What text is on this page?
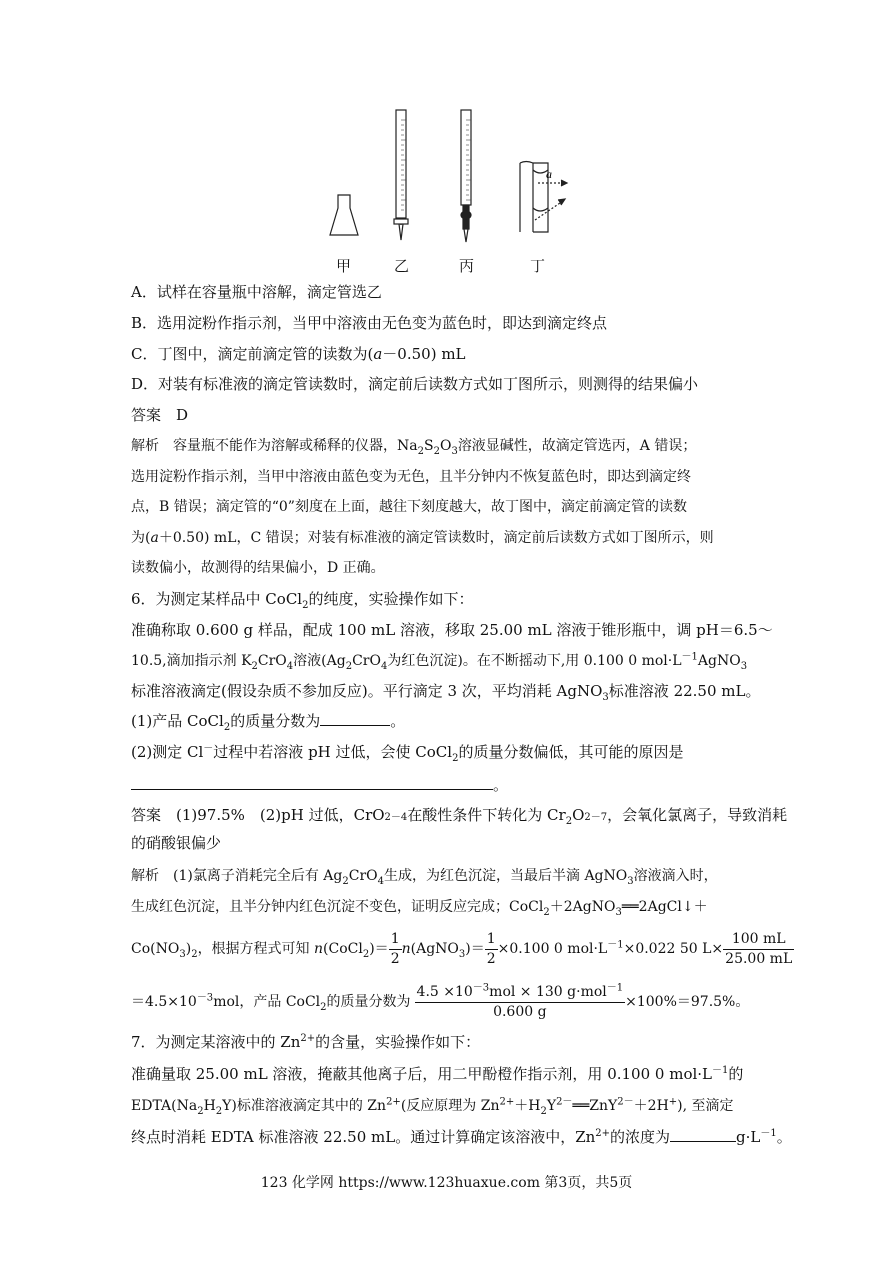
a
甲	乙	丙	丁
A．试样在容量瓶中溶解，滴定管选乙
B．选用淀粉作指示剂，当甲中溶液由无色变为蓝色时，即达到滴定终点
C．丁图中，滴定前滴定管的读数为(a－0.50) mL
D．对装有标准液的滴定管读数时，滴定前后读数方式如丁图所示，则测得的结果偏小
答案　D
解析　容量瓶不能作为溶解或稀释的仪器，$Na_2S_2O_3$溶液显碱性，故滴定管选丙，A 错误；
选用淀粉作指示剂，当甲中溶液由蓝色变为无色，且半分钟内不恢复蓝色时，即达到滴定终
点，B 错误；滴定管的“0”刻度在上面，越往下刻度越大，故丁图中，滴定前滴定管的读数
为(a＋0.50) mL，C 错误；对装有标准液的滴定管读数时，滴定前后读数方式如丁图所示，则
读数偏小，故测得的结果偏小，D 正确。
6．为测定某样品中 CoCl$_2$的纯度，实验操作如下：
准确称取 0.600 g 样品，配成 100 mL 溶液，移取 25.00 mL 溶液于锥形瓶中，调 pH＝6.5～
10.5,滴加指示剂 $K_2CrO_4$溶液($Ag_2CrO_4$为红色沉淀)。在不断摇动下,用 0.100 0 $mol\cdot L^{-1}AgNO_3$
标准溶液滴定(假设杂质不参加反应)。平行滴定 3 次，平均消耗 AgNO$_3$标准溶液 22.50 mL。
(1)产品 CoCl$_2$的质量分数为	。
(2)测定 Cl－过程中若溶液 pH 过低，会使 CoCl$_2$的质量分数偏低，其可能的原因是
。
答案　(1)97.5%　(2)pH 过低，CrO2－4在酸性条件下转化为 $Cr_2O2-7$，会氧化氯离子，导致消耗
的硝酸银偏少
解析　(1)氯离子消耗完全后有 $Ag_2CrO_4$生成，为红色沉淀，当最后半滴 AgNO$_3$溶液滴入时，
生成红色沉淀，且半分钟内红色沉淀不变色，证明反应完成；CoCl$_2$＋2AgNO$_3$══2AgCl↓＋
$Co(NO_3)_2$，根据方程式可知 n(CoCl$_2$)＝ $\frac{1}{2}$ n(AgNO$_3$)＝ $\frac{1}{2} \times 0.100$ 0 $mol\cdot L^{-1}\times 0.022$ 50 $L\times \frac{100 mL}{25.00 mL}$
$=4.5\times 10^{-3}mol$，产品 CoCl$_2$的质量分数为 $\frac{4.5 \times 10^{-3}mol \times 130 g\cdot mol^{-1}}{0.600 g} \times 100\%=97.5\%$。
7．为测定某溶液中的 $Zn^{2+}$的含量，实验操作如下：
准确量取 25.00 mL 溶液，掩蔽其他离子后，用二甲酚橙作指示剂，用 0.100 0 $mol\cdot L^{-1}$的
$EDTA(Na_2H_2Y)$标准溶液滴定其中的 $Zn^{2+}$(反应原理为 $Zn^{2+}+H_2Y^{2-}══ZnY^{2-}+2H^+$), 至滴定
终点时消耗 EDTA 标准溶液 22.50 mL。通过计算确定该溶液中，$Zn^{2+}$的浓度为	$g\cdot L^{-1}$。
123 化学网 https://www.123huaxue.com 第3页，共5页
